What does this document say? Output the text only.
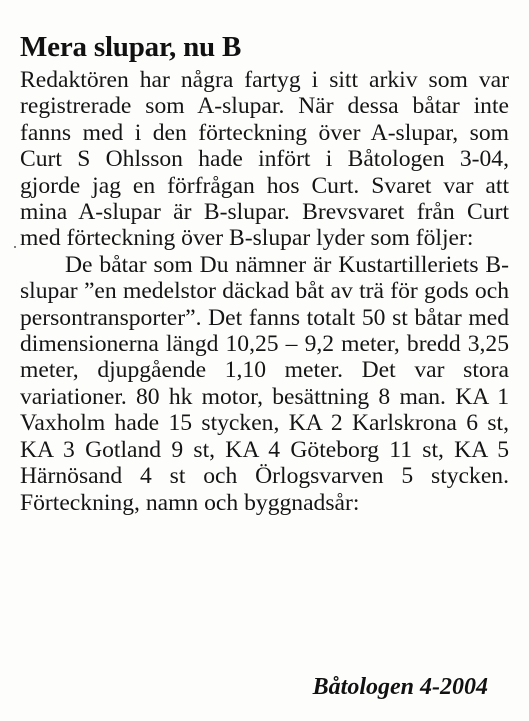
Mera slupar, nu B

Redaktören har några fartyg i sitt arkiv som var registrerade som A-slupar. När dessa båtar inte fanns med i den förteckning över A-slupar, som Curt S Ohlsson hade infört i Båtologen 3-04, gjorde jag en förfrågan hos Curt. Svaret var att mina A-slupar är B-slupar. Brevsvaret från Curt med förteckning över B-slupar lyder som följer:

De båtar som Du nämner är Kustartilleriets B-slupar ”en medelstor däckad båt av trä för gods och persontransporter”. Det fanns totalt 50 st båtar med dimensionerna längd 10,25 – 9,2 meter, bredd 3,25 meter, djupgående 1,10 meter. Det var stora variationer. 80 hk motor, besättning 8 man. KA 1 Vaxholm hade 15 stycken, KA 2 Karlskrona 6 st, KA 3 Gotland 9 st, KA 4 Göteborg 11 st, KA 5 Härnösand 4 st och Örlogsvarven 5 stycken. Förteckning, namn och byggnadsår:

Båtologen 4-2004
